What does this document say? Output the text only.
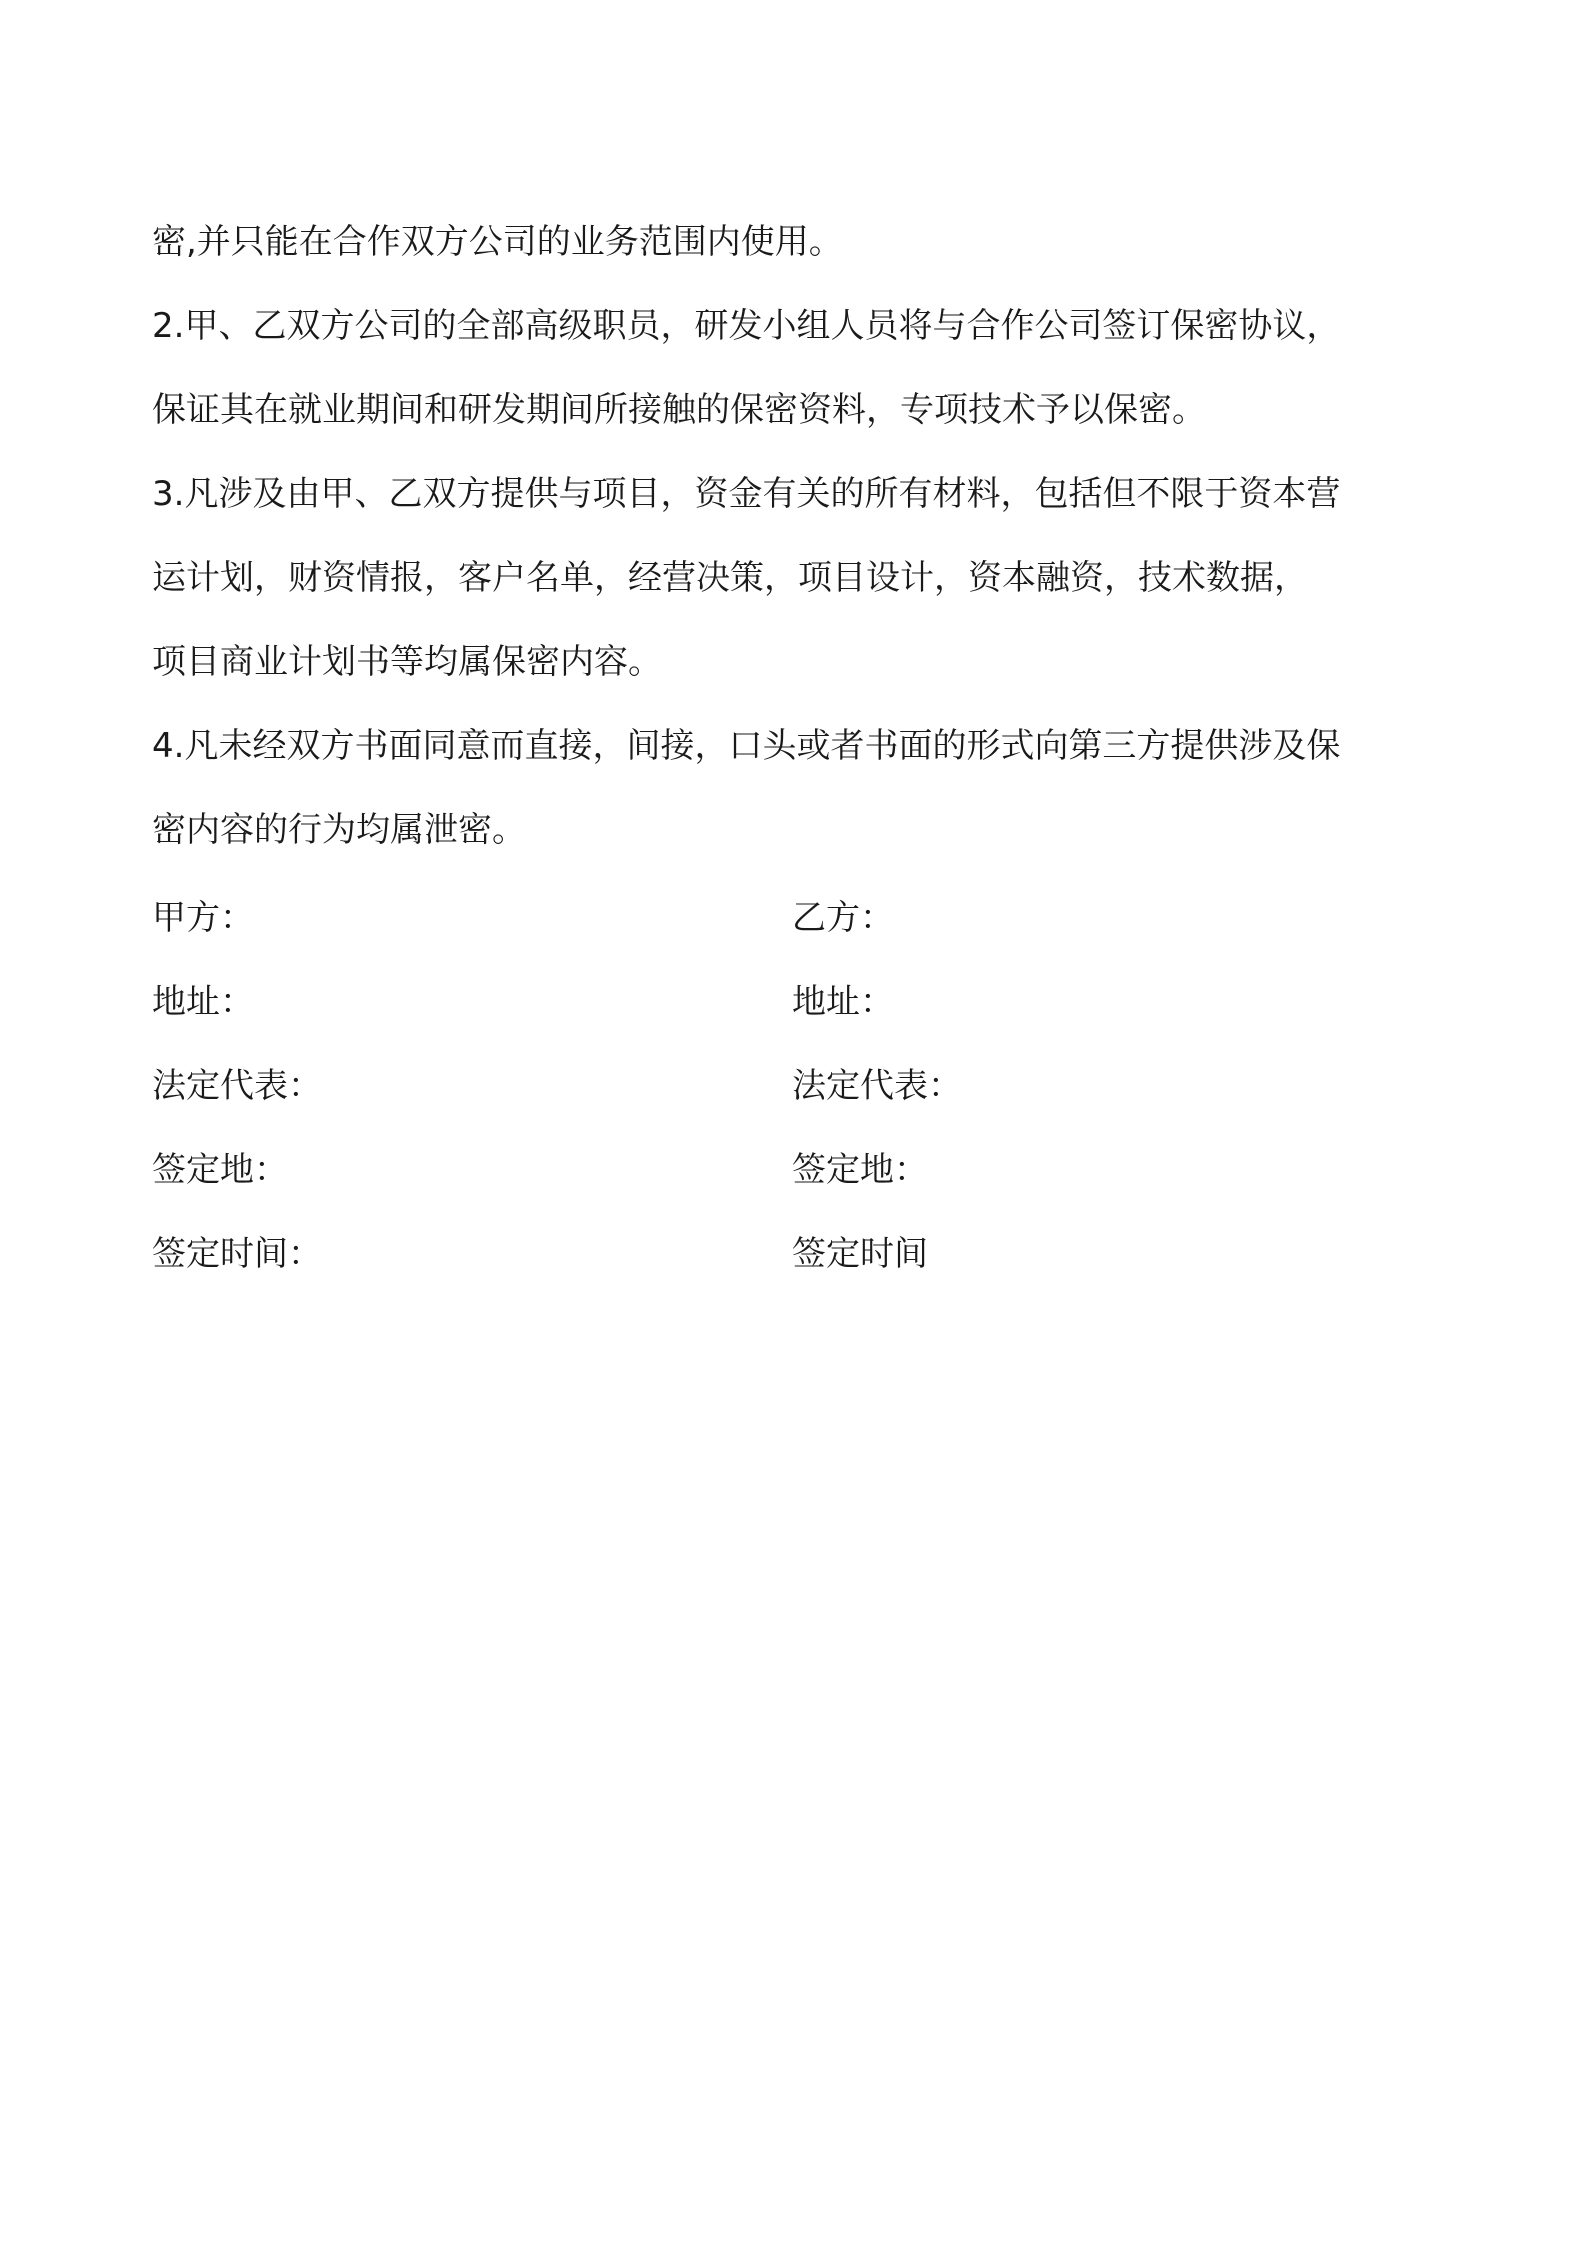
密,并只能在合作双方公司的业务范围内使用。

2.甲、乙双方公司的全部高级职员，研发小组人员将与合作公司签订保密协议，

保证其在就业期间和研发期间所接触的保密资料，专项技术予以保密。

3.凡涉及由甲、乙双方提供与项目，资金有关的所有材料，包括但不限于资本营

运计划，财资情报，客户名单，经营决策，项目设计，资本融资，技术数据，

项目商业计划书等均属保密内容。

4.凡未经双方书面同意而直接，间接，口头或者书面的形式向第三方提供涉及保

密内容的行为均属泄密。

甲方：	乙方：
地址：	地址：
法定代表：	法定代表：
签定地：	签定地：
签定时间：	签定时间
